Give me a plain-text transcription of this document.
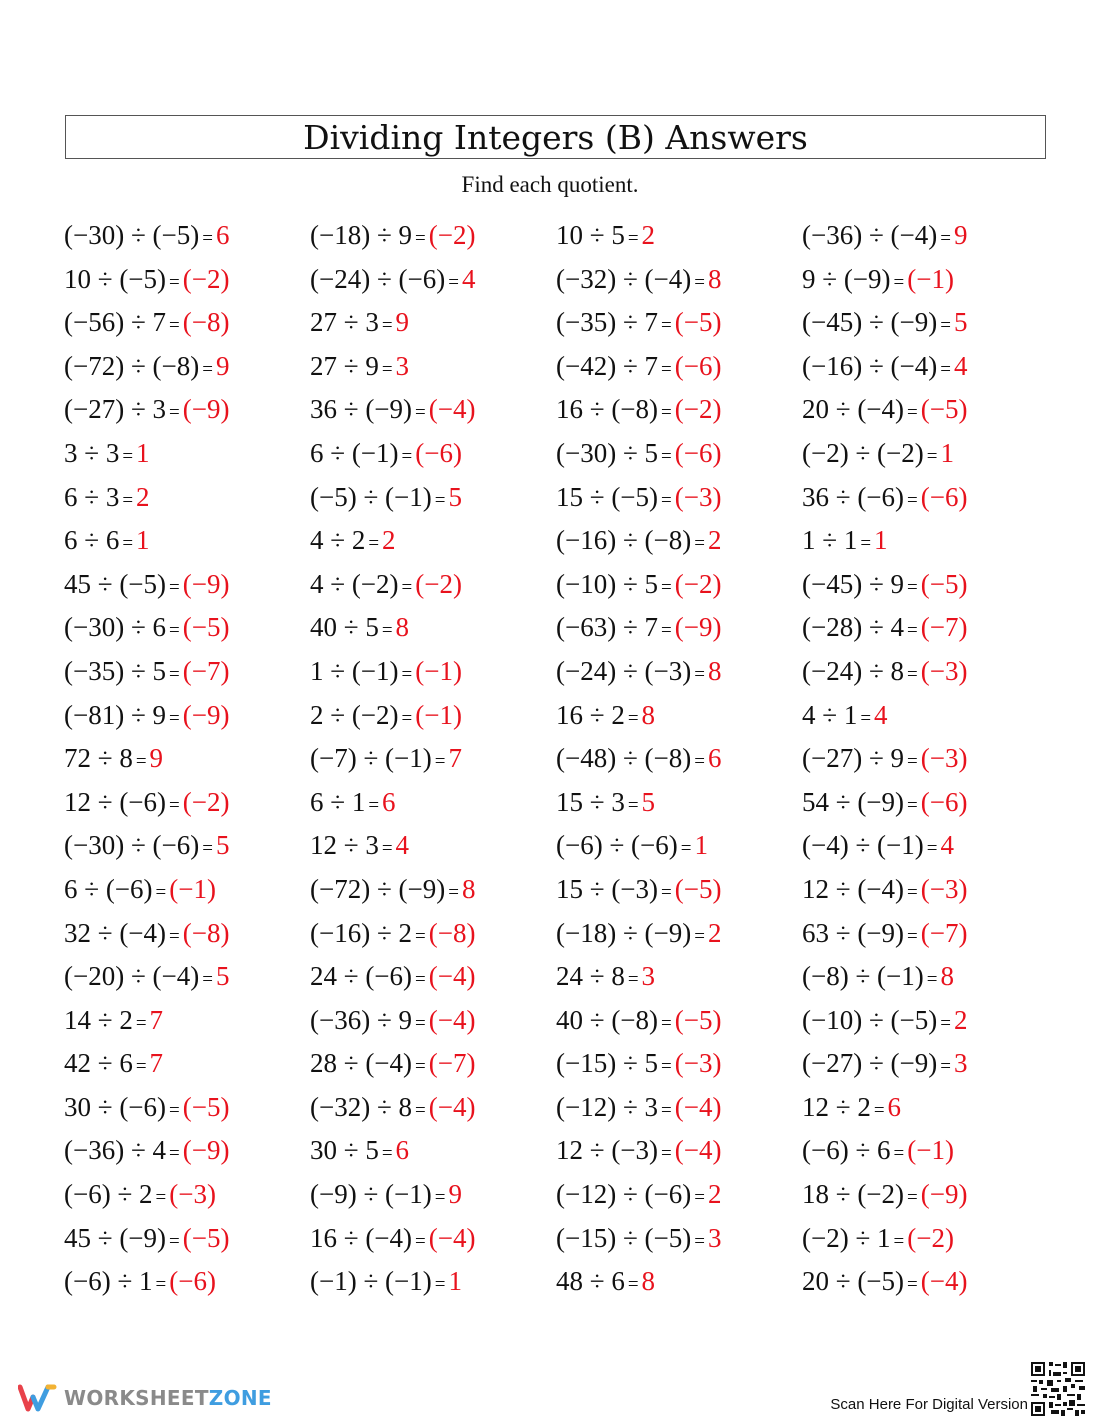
Dividing Integers (B) Answers
Find each quotient.
(−30) ÷ (−5) = 6	(−18) ÷ 9 = (−2)	10 ÷ 5 = 2	(−36) ÷ (−4) = 9
10 ÷ (−5) = (−2)	(−24) ÷ (−6) = 4	(−32) ÷ (−4) = 8	9 ÷ (−9) = (−1)
(−56) ÷ 7 = (−8)	27 ÷ 3 = 9	(−35) ÷ 7 = (−5)	(−45) ÷ (−9) = 5
(−72) ÷ (−8) = 9	27 ÷ 9 = 3	(−42) ÷ 7 = (−6)	(−16) ÷ (−4) = 4
(−27) ÷ 3 = (−9)	36 ÷ (−9) = (−4)	16 ÷ (−8) = (−2)	20 ÷ (−4) = (−5)
3 ÷ 3 = 1	6 ÷ (−1) = (−6)	(−30) ÷ 5 = (−6)	(−2) ÷ (−2) = 1
6 ÷ 3 = 2	(−5) ÷ (−1) = 5	15 ÷ (−5) = (−3)	36 ÷ (−6) = (−6)
6 ÷ 6 = 1	4 ÷ 2 = 2	(−16) ÷ (−8) = 2	1 ÷ 1 = 1
45 ÷ (−5) = (−9)	4 ÷ (−2) = (−2)	(−10) ÷ 5 = (−2)	(−45) ÷ 9 = (−5)
(−30) ÷ 6 = (−5)	40 ÷ 5 = 8	(−63) ÷ 7 = (−9)	(−28) ÷ 4 = (−7)
(−35) ÷ 5 = (−7)	1 ÷ (−1) = (−1)	(−24) ÷ (−3) = 8	(−24) ÷ 8 = (−3)
(−81) ÷ 9 = (−9)	2 ÷ (−2) = (−1)	16 ÷ 2 = 8	4 ÷ 1 = 4
72 ÷ 8 = 9	(−7) ÷ (−1) = 7	(−48) ÷ (−8) = 6	(−27) ÷ 9 = (−3)
12 ÷ (−6) = (−2)	6 ÷ 1 = 6	15 ÷ 3 = 5	54 ÷ (−9) = (−6)
(−30) ÷ (−6) = 5	12 ÷ 3 = 4	(−6) ÷ (−6) = 1	(−4) ÷ (−1) = 4
6 ÷ (−6) = (−1)	(−72) ÷ (−9) = 8	15 ÷ (−3) = (−5)	12 ÷ (−4) = (−3)
32 ÷ (−4) = (−8)	(−16) ÷ 2 = (−8)	(−18) ÷ (−9) = 2	63 ÷ (−9) = (−7)
(−20) ÷ (−4) = 5	24 ÷ (−6) = (−4)	24 ÷ 8 = 3	(−8) ÷ (−1) = 8
14 ÷ 2 = 7	(−36) ÷ 9 = (−4)	40 ÷ (−8) = (−5)	(−10) ÷ (−5) = 2
42 ÷ 6 = 7	28 ÷ (−4) = (−7)	(−15) ÷ 5 = (−3)	(−27) ÷ (−9) = 3
30 ÷ (−6) = (−5)	(−32) ÷ 8 = (−4)	(−12) ÷ 3 = (−4)	12 ÷ 2 = 6
(−36) ÷ 4 = (−9)	30 ÷ 5 = 6	12 ÷ (−3) = (−4)	(−6) ÷ 6 = (−1)
(−6) ÷ 2 = (−3)	(−9) ÷ (−1) = 9	(−12) ÷ (−6) = 2	18 ÷ (−2) = (−9)
45 ÷ (−9) = (−5)	16 ÷ (−4) = (−4)	(−15) ÷ (−5) = 3	(−2) ÷ 1 = (−2)
(−6) ÷ 1 = (−6)	(−1) ÷ (−1) = 1	48 ÷ 6 = 8	20 ÷ (−5) = (−4)
WORKSHEETZONE	Scan Here For Digital Version
